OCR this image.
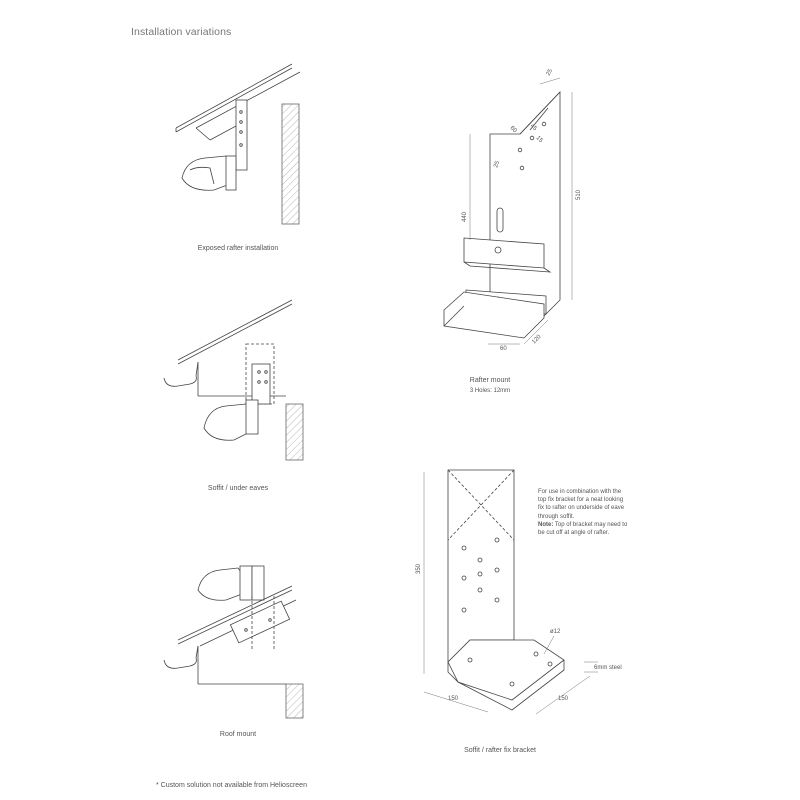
Installation variations
25
60 45
15
25
440
510
60
120
350
150	150
ø12
6mm steel
Exposed rafter installation
Soffit / under eaves
Roof mount
Rafter mount
3 Holes: 12mm
Soffit / rafter fix bracket
For use in combination with the
top fix bracket for a neat looking
fix to rafter on underside of eave
through soffit.
Note: Top of bracket may need to
be cut off at angle of rafter.
* Custom solution not available from Helioscreen
